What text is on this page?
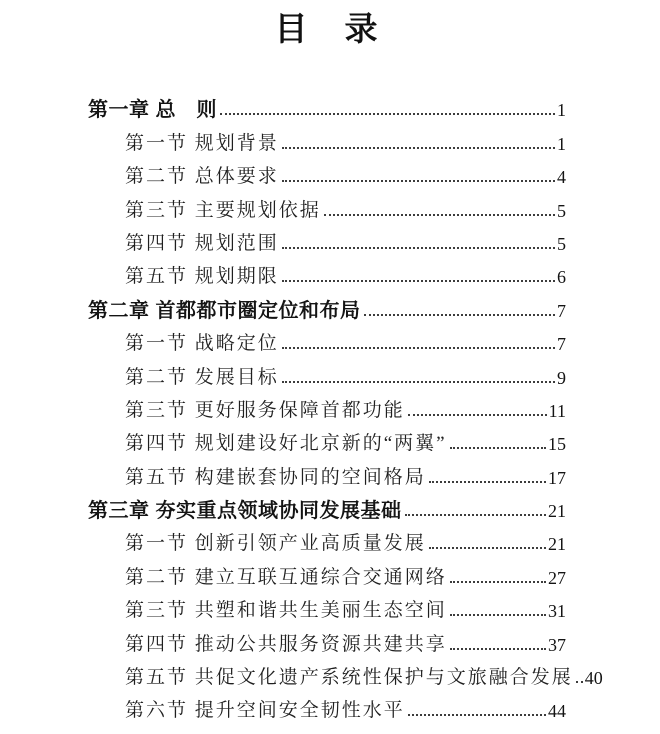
目　录
第一章 总　则	1
第一节 规划背景	1
第二节 总体要求	4
第三节 主要规划依据	5
第四节 规划范围	5
第五节 规划期限	6
第二章 首都都市圈定位和布局	7
第一节 战略定位	7
第二节 发展目标	9
第三节 更好服务保障首都功能	11
第四节 规划建设好北京新的“两翼”	15
第五节 构建嵌套协同的空间格局	17
第三章 夯实重点领域协同发展基础	21
第一节 创新引领产业高质量发展	21
第二节 建立互联互通综合交通网络	27
第三节 共塑和谐共生美丽生态空间	31
第四节 推动公共服务资源共建共享	37
第五节 共促文化遗产系统性保护与文旅融合发展 40
第六节 提升空间安全韧性水平	44
